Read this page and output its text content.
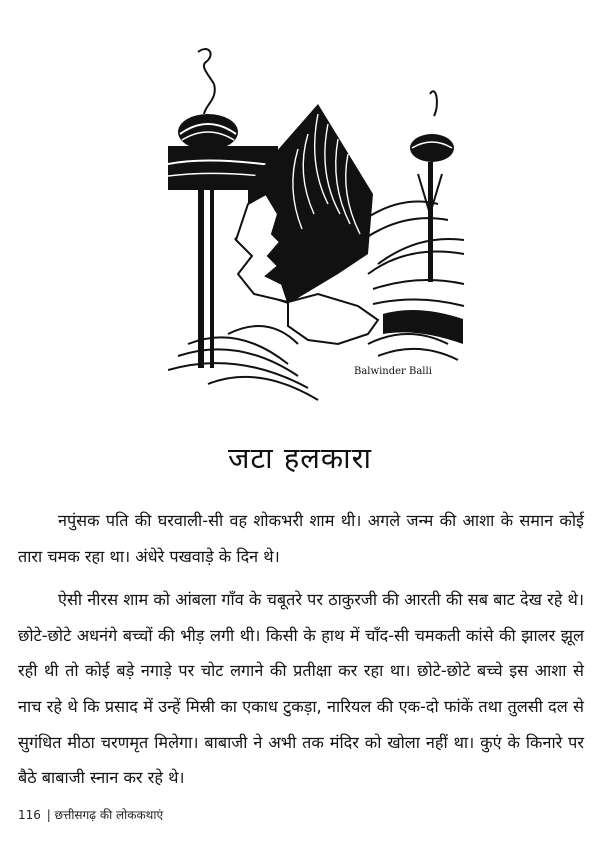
Balwinder Balli
जटा हलकारा

नपुंसक पति की घरवाली-सी वह शोकभरी शाम थी। अगले जन्म की आशा के समान कोई तारा चमक रहा था। अंधेरे पखवाड़े के दिन थे।

ऐसी नीरस शाम को आंबला गाँव के चबूतरे पर ठाकुरजी की आरती की सब बाट देख रहे थे। छोटे-छोटे अधनंगे बच्चों की भीड़ लगी थी। किसी के हाथ में चाँद-सी चमकती कांसे की झालर झूल रही थी तो कोई बड़े नगाड़े पर चोट लगाने की प्रतीक्षा कर रहा था। छोटे-छोटे बच्चे इस आशा से नाच रहे थे कि प्रसाद में उन्हें मिस्री का एकाध टुकड़ा, नारियल की एक-दो फांकें तथा तुलसी दल से सुगंधित मीठा चरणमृत मिलेगा। बाबाजी ने अभी तक मंदिर को खोला नहीं था। कुएं के किनारे पर बैठे बाबाजी स्नान कर रहे थे।

116 | छत्तीसगढ़ की लोककथाएं
